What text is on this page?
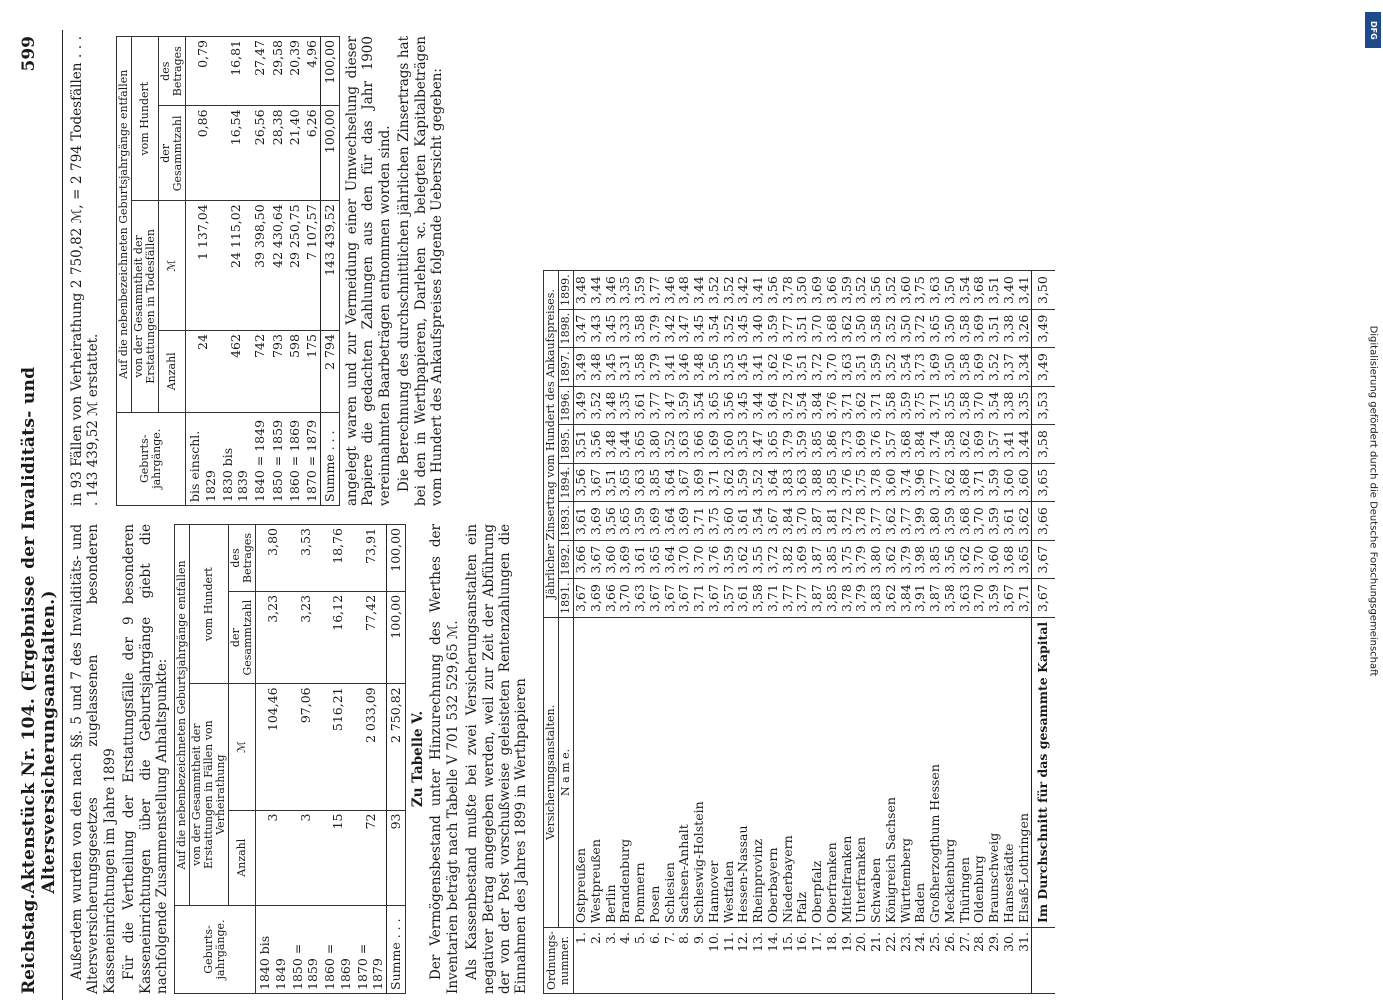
Reichstag.
Aktenstück Nr. 104. (Ergebnisse der Invaliditäts- und Altersversicherungsanstalten.)
599

Außerdem wurden von den nach §§. 5 und 7 des Invaliditäts- und Altersversicherungsgesetzes zugelassenen besonderen Kasseneinrichtungen im Jahre 1899 Für die Vertheilung der Erstattungsfälle der 9 besonderen Kasseneinrichtungen über die Geburtsjahrgänge giebt die nachfolgende Zusammenstellung Anhaltspunkte:	Geburts-jahrgänge.	Auf die nebenbezeichneten Geburtsjahrgänge entfallen			
	von der Gesammtheit der Erstattungen in Fällen von Verheirathung		vom Hundert	
	Anzahl	ℳ	der Gesammtzahl	des Betrages
1840 bis 1849	3	104,46	3,23	3,80
1850 = 1859	3	97,06	3,23	3,53
1860 = 1869	15	516,21	16,12	18,76
1870 = 1879	72	2 033,09	77,42	73,91
Summe . . .	93	2 750,82	100,00	100,00
Zu Tabelle V. Der Vermögensbestand unter Hinzurechnung des Werthes der Inventarien beträgt nach Tabelle V 701 532 529,65 ℳ. Als Kassenbestand mußte bei zwei Versicherungsanstalten ein negativer Betrag angegeben werden, weil zur Zeit der Abführung der von der Post vorschußweise geleisteten Rentenzahlungen die Einnahmen des Jahres 1899 in Werthpapieren

in 93 Fällen von Verheirathung 2 750,82 ℳ, = 2 794 Todesfällen . . . . 143 439,52 ℳ erstattet.	Geburts-jahrgänge.	Auf die nebenbezeichneten Geburtsjahrgänge entfallen			
	von der Gesammtheit der Erstattungen in Todesfällen		vom Hundert	
	Anzahl	ℳ	der Gesammtzahl	des Betrages
bis einschl. 1829	24	1 137,04	0,86	0,79
1830 bis 1839	462	24 115,02	16,54	16,81
1840 = 1849	742	39 398,50	26,56	27,47
1850 = 1859	793	42 430,64	28,38	29,58
1860 = 1869	598	29 250,75	21,40	20,39
1870 = 1879	175	7 107,57	6,26	4,96
Summe . . .	2 794	143 439,52	100,00	100,00 angelegt waren und zur Vermeidung einer Umwechselung dieser Papiere die gedachten Zahlungen aus den für das Jahr 1900 vereinnahmten Baarbeträgen entnommen worden sind. Die Berechnung des durchschnittlichen jährlichen Zinsertrags hat bei den in Werthpapieren, Darlehen ꝛc. belegten Kapitalbeträgen vom Hundert des Ankaufspreises folgende Uebersicht gegeben:

Ordnungs-nummer.	Versicherungsanstalten.	Jährlicher Zinsertrag vom Hundert des Ankaufspreises.								
	N a m e.	1891.	1892.	1893.	1894.	1895.	1896.	1897.	1898.	1899.
1.	Ostpreußen	3,67	3,66	3,61	3,56	3,51	3,49	3,49	3,47	3,48
2.	Westpreußen	3,69	3,67	3,69	3,67	3,56	3,52	3,48	3,43	3,44
3.	Berlin	3,66	3,60	3,56	3,51	3,48	3,48	3,45	3,45	3,46
4.	Brandenburg	3,70	3,69	3,65	3,65	3,44	3,35	3,31	3,33	3,35
5.	Pommern	3,63	3,61	3,59	3,63	3,65	3,61	3,58	3,58	3,59
6.	Posen	3,67	3,65	3,69	3,85	3,80	3,77	3,79	3,79	3,77
7.	Schlesien	3,67	3,64	3,64	3,64	3,52	3,47	3,41	3,42	3,46
8.	Sachsen-Anhalt	3,67	3,70	3,69	3,67	3,63	3,59	3,46	3,47	3,48
9.	Schleswig-Holstein	3,71	3,70	3,71	3,69	3,66	3,54	3,48	3,45	3,44
10.	Hannover	3,67	3,76	3,75	3,71	3,69	3,65	3,56	3,54	3,52
11.	Westfalen	3,57	3,59	3,60	3,62	3,60	3,56	3,53	3,52	3,52
12.	Hessen-Nassau	3,61	3,62	3,61	3,59	3,53	3,45	3,45	3,45	3,42
13.	Rheinprovinz	3,58	3,55	3,54	3,52	3,47	3,44	3,41	3,40	3,41
14.	Oberbayern	3,71	3,72	3,67	3,64	3,65	3,64	3,62	3,59	3,56
15.	Niederbayern	3,77	3,82	3,84	3,83	3,79	3,72	3,76	3,77	3,78
16.	Pfalz	3,77	3,69	3,70	3,63	3,59	3,54	3,51	3,51	3,50
17.	Oberpfalz	3,87	3,87	3,87	3,88	3,85	3,84	3,72	3,70	3,69
18.	Oberfranken	3,85	3,85	3,81	3,85	3,86	3,76	3,70	3,68	3,66
19.	Mittelfranken	3,78	3,75	3,72	3,76	3,73	3,71	3,63	3,62	3,59
20.	Unterfranken	3,79	3,79	3,78	3,75	3,69	3,62	3,51	3,50	3,52
21.	Schwaben	3,83	3,80	3,77	3,78	3,76	3,71	3,59	3,58	3,56
22.	Königreich Sachsen	3,62	3,62	3,62	3,60	3,57	3,58	3,52	3,52	3,52
23.	Württemberg	3,84	3,79	3,77	3,74	3,68	3,59	3,54	3,50	3,60
24.	Baden	3,91	3,98	3,99	3,96	3,84	3,75	3,73	3,72	3,75
25.	Großherzogthum Hessen	3,87	3,85	3,80	3,77	3,74	3,71	3,69	3,65	3,63
26.	Mecklenburg	3,58	3,56	3,59	3,62	3,58	3,55	3,50	3,50	3,50
27.	Thüringen	3,63	3,62	3,68	3,68	3,62	3,58	3,58	3,58	3,54
28.	Oldenburg	3,70	3,70	3,70	3,71	3,69	3,70	3,69	3,69	3,68
29.	Braunschweig	3,59	3,60	3,59	3,59	3,57	3,54	3,52	3,51	3,51
30.	Hansestädte	3,67	3,68	3,61	3,60	3,41	3,38	3,37	3,38	3,40
31.	Elsaß-Lothringen	3,71	3,65	3,62	3,60	3,44	3,35	3,34	3,26	3,41
	Im Durchschnitt für das gesammte Kapital	3,67	3,67	3,66	3,65	3,58	3,53	3,49	3,49	3,50
DFG
Digitalisierung gefördert durch die Deutsche Forschungsgemeinschaft
